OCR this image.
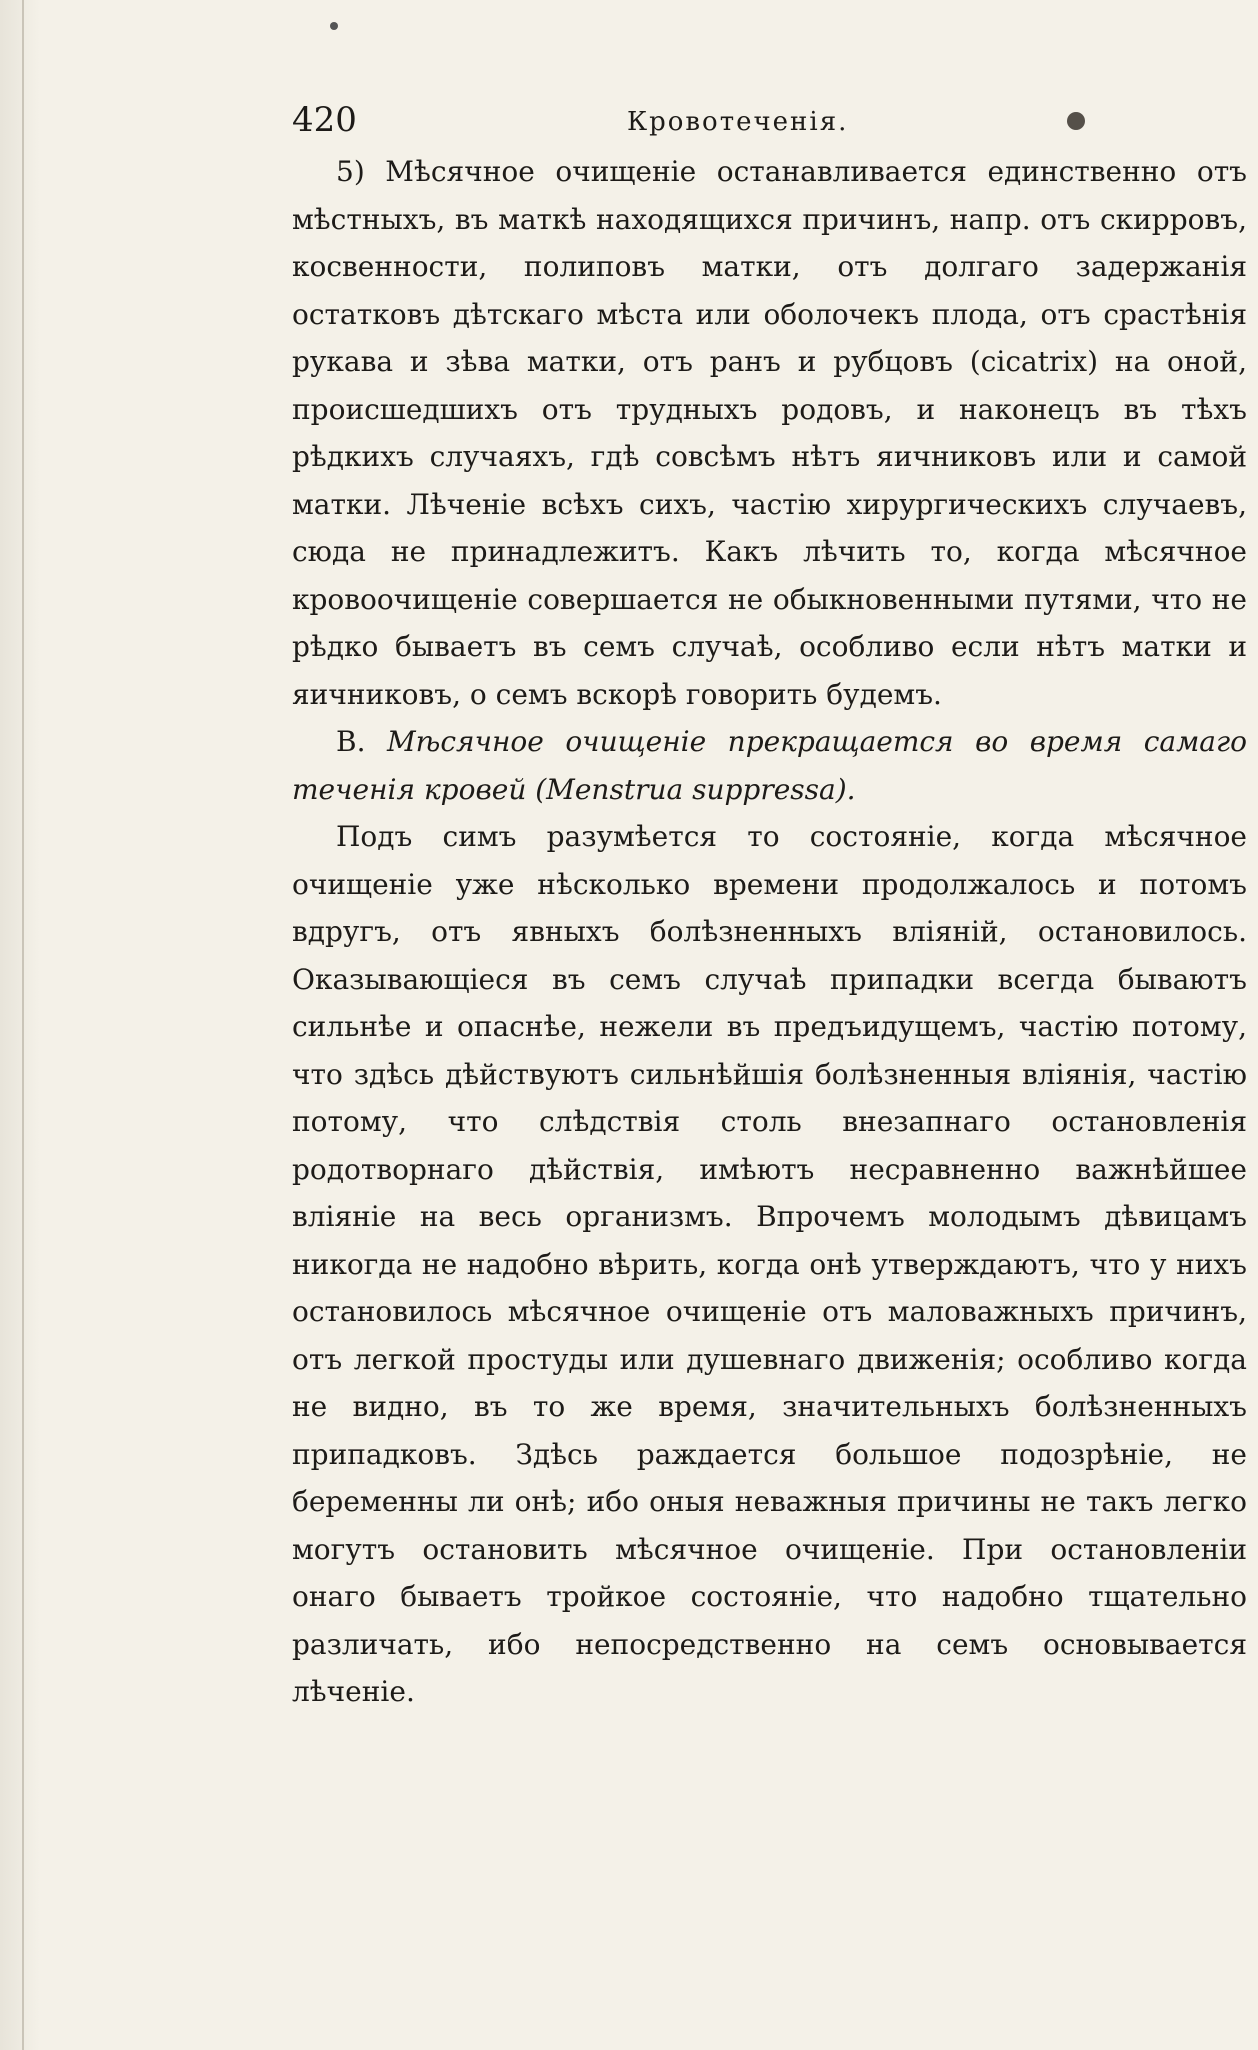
420	Кровотеченія.

5) Мѣсячное очищеніе останавливается единственно отъ мѣстныхъ, въ маткѣ находящихся причинъ, напр. отъ скирровъ, косвенности, полиповъ матки, отъ долгаго задержанія остатковъ дѣтскаго мѣста или оболочекъ плода, отъ срастѣнія рукава и зѣва матки, отъ ранъ и рубцовъ (cicatrix) на оной, происшедшихъ отъ трудныхъ родовъ, и наконецъ въ тѣхъ рѣдкихъ случаяхъ, гдѣ совсѣмъ нѣтъ яичниковъ или и самой матки. Лѣченіе всѣхъ сихъ, частію хирургическихъ случаевъ, сюда не принадлежитъ. Какъ лѣчить то, когда мѣсячное кровоочищеніе совершается не обыкновенными путями, что не рѣдко бываетъ въ семъ случаѣ, особливо если нѣтъ матки и яичниковъ, о семъ вскорѣ говорить будемъ.

В. Мѣсячное очищеніе прекращается во время самаго теченія кровей (Menstrua suppressa).

Подъ симъ разумѣется то состояніе, когда мѣсячное очищеніе уже нѣсколько времени продолжалось и потомъ вдругъ, отъ явныхъ болѣзненныхъ вліяній, остановилось. Оказывающіеся въ семъ случаѣ припадки всегда бываютъ сильнѣе и опаснѣе, нежели въ предъидущемъ, частію потому, что здѣсь дѣйствуютъ сильнѣйшія болѣзненныя вліянія, частію потому, что слѣдствія столь внезапнаго остановленія родотворнаго дѣйствія, имѣютъ несравненно важнѣйшее вліяніе на весь организмъ. Впрочемъ молодымъ дѣвицамъ никогда не надобно вѣрить, когда онѣ утверждаютъ, что у нихъ остановилось мѣсячное очищеніе отъ маловажныхъ причинъ, отъ легкой простуды или душевнаго движенія; особливо когда не видно, въ то же время, значительныхъ болѣзненныхъ припадковъ. Здѣсь раждается большое подозрѣніе, не беременны ли онѣ; ибо оныя неважныя причины не такъ легко могутъ остановить мѣсячное очищеніе. При остановленіи онаго бываетъ тройкое состояніе, что надобно тщательно различать, ибо непосредственно на семъ основывается лѣченіе.
